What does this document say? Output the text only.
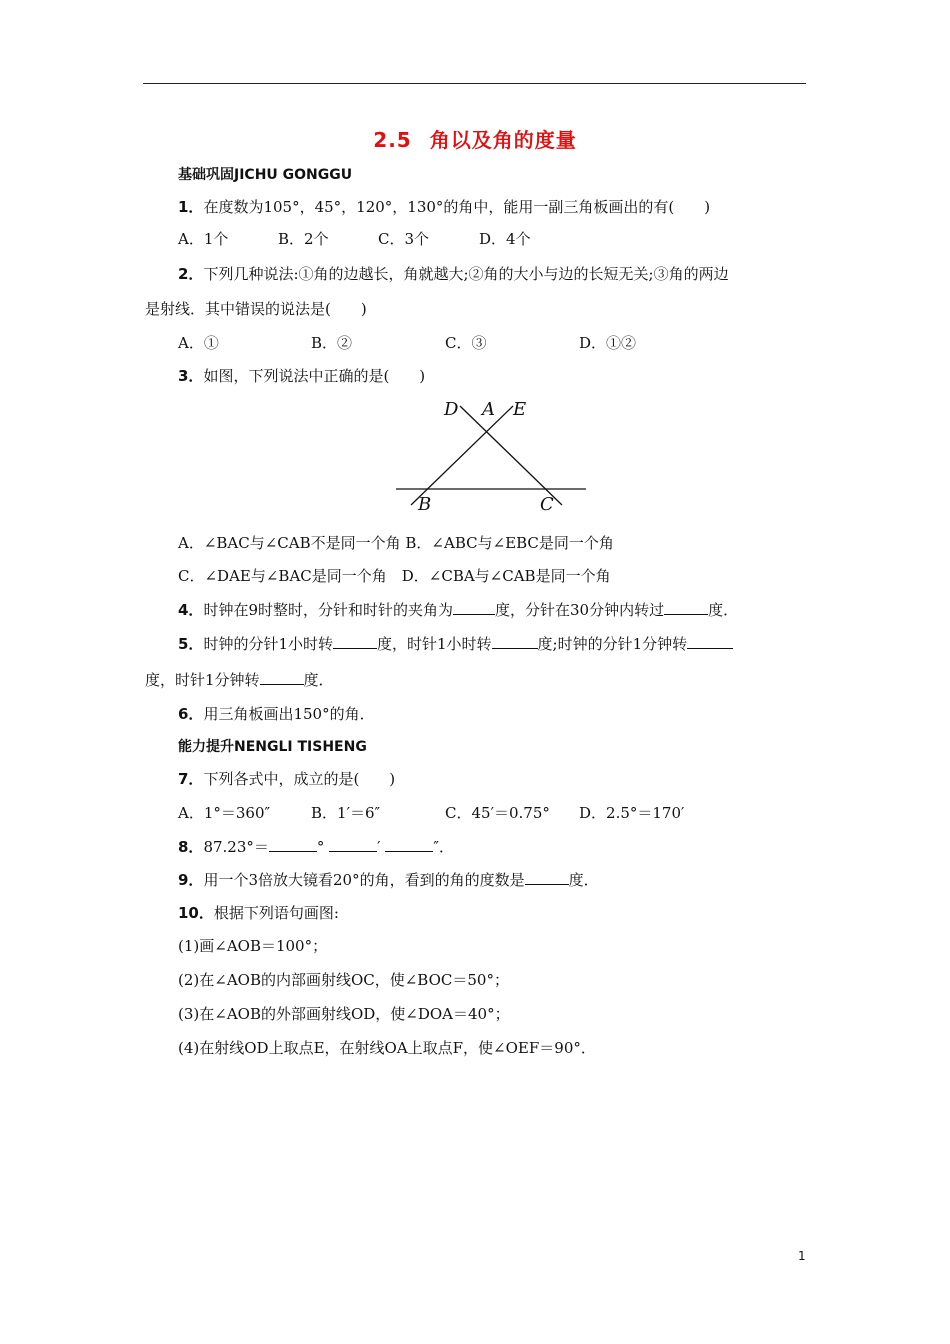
2.5 角以及角的度量
基础巩固JICHU GONGGU
1．在度数为105°，45°，120°，130°的角中，能用一副三角板画出的有(　　)
A．1个	B．2个	C．3个	D．4个
2．下列几种说法:①角的边越长，角就越大;②角的大小与边的长短无关;③角的两边
是射线．其中错误的说法是(　　)
A．①	B．②	C．③	D．①②
3．如图，下列说法中正确的是(　　)
D A E
B	C
A．∠BAC与∠CAB不是同一个角 B．∠ABC与∠EBC是同一个角
C．∠DAE与∠BAC是同一个角　D．∠CBA与∠CAB是同一个角
4．时钟在9时整时，分针和时针的夹角为	度，分针在30分钟内转过	度．
5．时钟的分针1小时转	度，时针1小时转	度;时钟的分针1分钟转
度，时针1分钟转	度．
6．用三角板画出150°的角．
能力提升NENGLI TISHENG
7．下列各式中，成立的是(　　)
A．1°＝360″	B．1′＝6″	C．45′＝0.75° D．2.5°＝170′
8．87.23°＝	°	′	″．
9．用一个3倍放大镜看20°的角，看到的角的度数是	度．
10．根据下列语句画图:
(1)画∠AOB＝100°；
(2)在∠AOB的内部画射线OC，使∠BOC＝50°；
(3)在∠AOB的外部画射线OD，使∠DOA＝40°；
(4)在射线OD上取点E，在射线OA上取点F，使∠OEF＝90°．
1
